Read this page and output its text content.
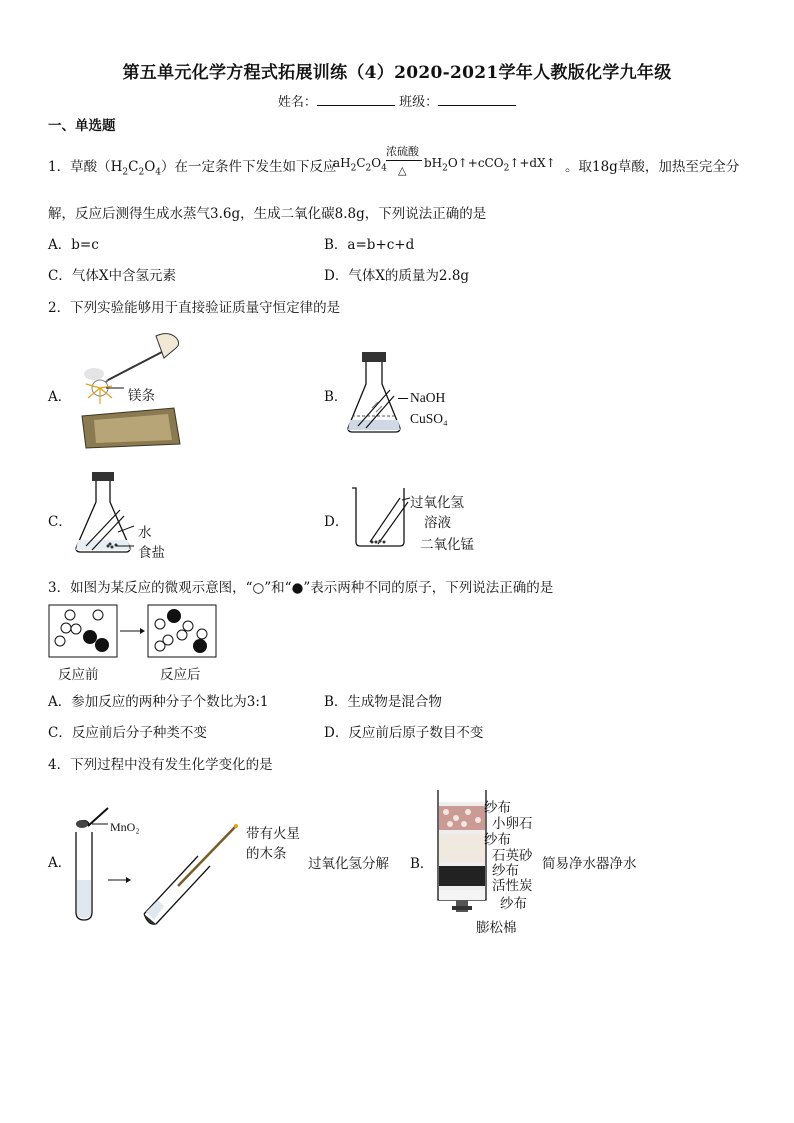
第五单元化学方程式拓展训练（4）2020-2021学年人教版化学九年级
姓名：	班级：
一、单选题
1．草酸$(H_2C_2O_4)$在一定条件下发生如下反应
$aH_2C_2O_4$
浓硫酸
△
$bH_2O↑+cCO_2↑+dX↑$ 。取18g草酸，加热至完全分
解，反应后测得生成水蒸气3.6g，生成二氧化碳8.8g，下列说法正确的是
A．b=c	B．a=b+c+d
C．气体X中含氢元素	D．气体X的质量为2.8g
2．下列实验能够用于直接验证质量守恒定律的是
A．	镁条	B．	NaOH
CuSO₄
C．
水
食盐
D．
过氧化氢
溶液
二氧化锰
3．如图为某反应的微观示意图，“○”和“●”表示两种不同的原子，下列说法正确的是
反应前	反应后
A．参加反应的两种分子个数比为3:1	B．生成物是混合物
C．反应前后分子种类不变	D．反应前后原子数目不变
4．下列过程中没有发生化学变化的是
A．
MnO₂	带有火星
的木条
过氧化氢分解 B．
纱布
小卵石
纱布
石英砂
纱布
活性炭
纱布
膨松棉
简易净水器净水
